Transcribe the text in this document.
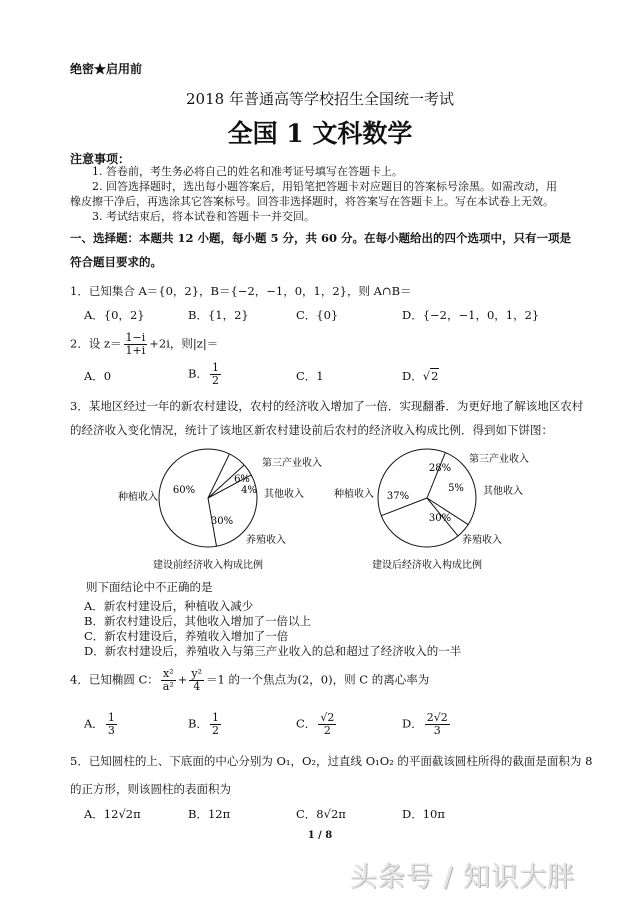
绝密★启用前
2018 年普通高等学校招生全国统一考试
全国 1 文科数学
注意事项：
1. 答卷前，考生务必将自己的姓名和准考证号填写在答题卡上。
2. 回答选择题时，选出每小题答案后，用铅笔把答题卡对应题目的答案标号涂黑。如需改动，用
橡皮擦干净后，再选涂其它答案标号。回答非选择题时，将答案写在答题卡上。写在本试卷上无效。
3. 考试结束后，将本试卷和答题卡一并交回。
一、选择题：本题共 12 小题，每小题 5 分，共 60 分。在每小题给出的四个选项中，只有一项是符合题目要求的。
1．已知集合 A＝{0，2}，B＝{−2，−1，0，1，2}，则 A∩B＝
A．{0，2}	B．{1，2}	C．{0}	D．{−2，−1，0，1，2}
2．设 $z= \frac{1-i}{1+i} +2i$，则|z|＝
A．0	B． $\frac{1}{2}$	C．1	D．√2
3．某地区经过一年的新农村建设，农村的经济收入增加了一倍．实现翻番．为更好地了解该地区农村
的经济收入变化情况，统计了该地区新农村建设前后农村的经济收入构成比例．得到如下饼图：
60%
种植收入
6%
第三产业收入
4% 其他收入
30%
养殖收入
建设前经济收入构成比例
37%
种植收入
28%
第三产业收入
5% 其他收入
30%
养殖收入
建设后经济收入构成比例
则下面结论中不正确的是
A．新农村建设后，种植收入减少
B．新农村建设后，其他收入增加了一倍以上
C．新农村建设后，养殖收入增加了一倍
D．新农村建设后，养殖收入与第三产业收入的总和超过了经济收入的一半
4．已知椭圆 C： $\frac{\text{x²}}{\text{a²}} + \frac{\text{y²}}{4} =1$ 的一个焦点为(2，0)，则 C 的离心率为
A． $\frac{1}{3}$	B． $\frac{1}{2}$	C． $\frac{√2}{2}$	D． $\frac{2√2}{3}$
5．已知圆柱的上、下底面的中心分别为 O₁，O₂，过直线 O₁O₂ 的平面截该圆柱所得的截面是面积为 8
的正方形，则该圆柱的表面积为
A．12√2π	B．12π	C．8√2π	D．10π
1 / 8
头条号 / 知识大胖
